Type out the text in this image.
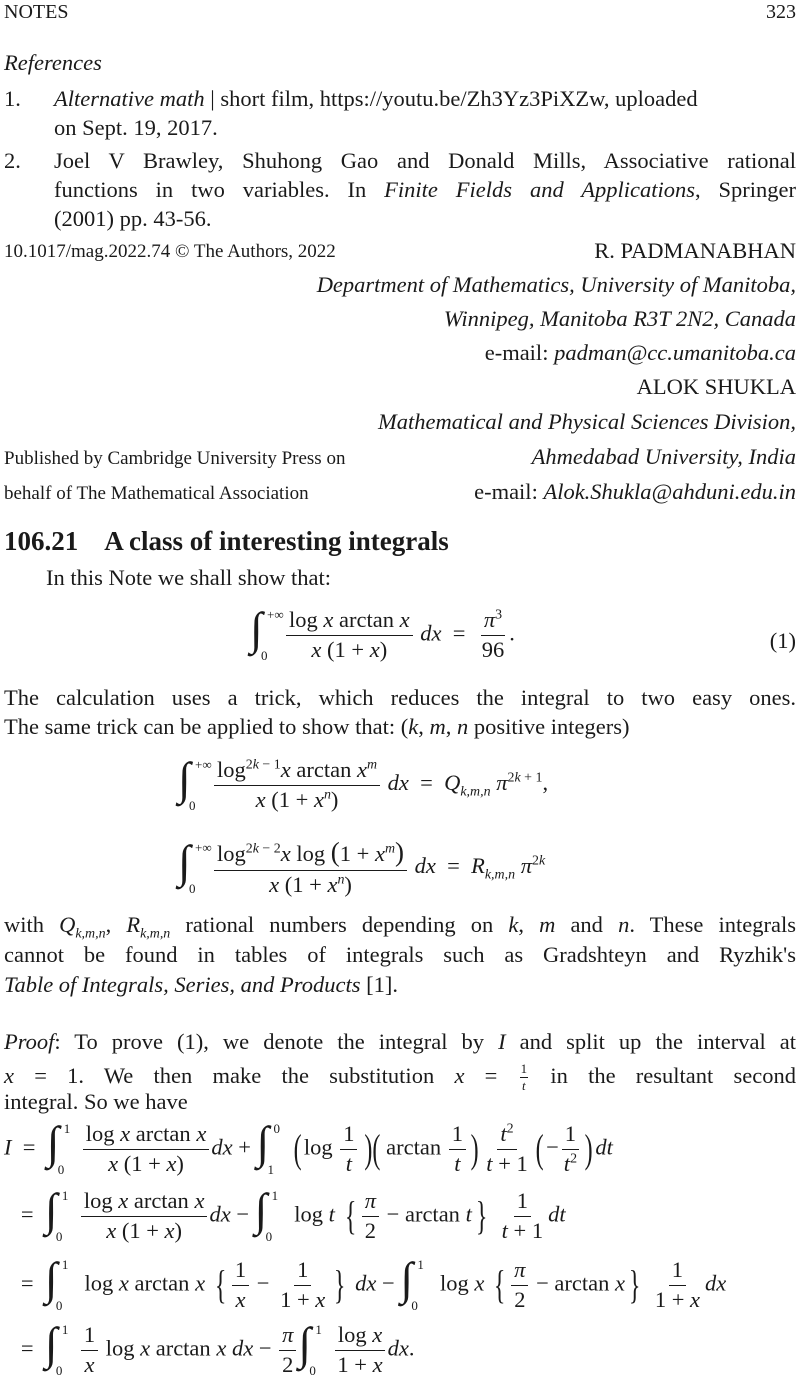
NOTES	323
References
1. Alternative math | short film, https://youtu.be/Zh3Yz3PiXZw, uploaded
on Sept. 19, 2017.
2. Joel V Brawley, Shuhong Gao and Donald Mills, Associative rational
functions in two variables. In Finite Fields and Applications, Springer
(2001) pp. 43-56.
10.1017/mag.2022.74 © The Authors, 2022	R. PADMANABHAN
Department of Mathematics, University of Manitoba,
Winnipeg, Manitoba R3T 2N2, Canada
e-mail: padman@cc.umanitoba.ca
ALOK SHUKLA
Mathematical and Physical Sciences Division,
Ahmedabad University, India
e-mail: Alok.Shukla@ahduni.edu.in
Published by Cambridge University Press on
behalf of The Mathematical Association
106.21 A class of interesting integrals
In this Note we shall show that:
∫ +∞
$0 \frac{\text{log x arctan x}}{x (1 + x)}$ dx  = $\frac{\pi^3}{96}$ .	(1)
The calculation uses a trick, which reduces the integral to two easy ones.
The same trick can be applied to show that: (k, m, n positive integers)
∫ +∞
$0 \frac{\log^{2k - 1}x \arctan x^m}{x (1 + x^n)}$ dx  =  $Q_{k,m,n}$ $\pi^{2k + 1}$,
∫ +∞
$0 \frac{\log^{2k - 2}x \log (1 + x^m)}{x (1 + x^n)}$ dx  =  $R_{k,m,n}$ $\pi^{2k}$
with $Q_{k,m,n}$, $R_{k,m,n}$ rational numbers depending on k, m and n. These integrals
cannot be found in tables of integrals such as Gradshteyn and Ryzhik's
Table of Integrals, Series, and Products [1].
Proof: To prove (1), we denote the integral by I and split up the interval at
x = 1. We then make the substitution $x = \frac{1}{t}$ in the resultant second
integral. So we have
I  = ∫ 1
$0 \frac{\text{log x arctan x}}{x (1 + x)}$ dx + ∫ 0
1 ( $\log \frac{1}{t}$ )( $\arctan \frac{1}{t}$ ) $\frac{t^2}{t + 1}$ ( − $\frac{1}{t^2}$ ) dt
= ∫ 1
$0 \frac{\text{log x arctan x}}{x (1 + x)}$ dx − ∫ 1
0
log t { $\frac{\pi}{2} - \arctan t\} \frac{1}{t + 1}$ dt
= ∫ 1
0
log x arctan x { $\frac{1}{x} - \frac{1}{1 + x}$ } dx − ∫ 1
0
log x { $\frac{\pi}{2} - \arctan x\} \frac{1}{1 + x}$ dx
= ∫ 1
$0 \frac{1}{x}$ log x arctan x dx − $\frac{\pi}{2}$ ∫ 1
$0 \frac{\text{log x}}{1 + x}$ dx.
